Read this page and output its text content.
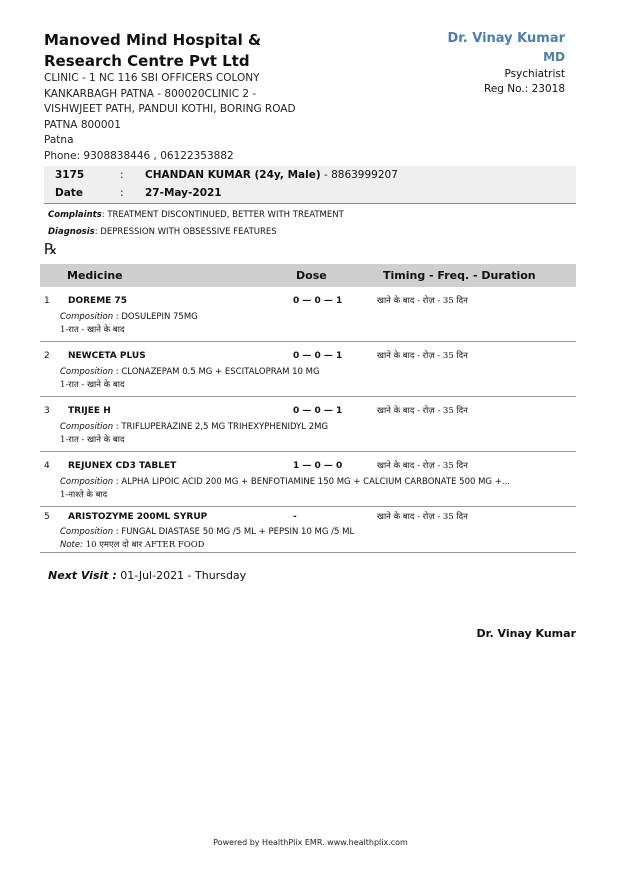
Manoved Mind Hospital & Research Centre Pvt Ltd
CLINIC - 1 NC 116 SBI OFFICERS COLONY
KANKARBAGH PATNA - 800020CLINIC 2 -
VISHWJEET PATH, PANDUI KOTHI, BORING ROAD
PATNA 800001
Patna
Phone: 9308838446 , 06122353882
Dr. Vinay Kumar
MD
Psychiatrist
Reg No.: 23018
3175	: CHANDAN KUMAR (24y, Male) - 8863999207
Date	: 27-May-2021
Complaints: TREATMENT DISCONTINUED, BETTER WITH TREATMENT
Diagnosis: DEPRESSION WITH OBSESSIVE FEATURES
℞
Medicine	Dose	Timing - Freq. - Duration
1 DOREME 75	0 — 0 — 1	खाने के बाद - रोज़ - 35 दिन
Composition : DOSULEPIN 75MG
1-रात - खाने के बाद
2 NEWCETA PLUS	0 — 0 — 1	खाने के बाद - रोज़ - 35 दिन
Composition : CLONAZEPAM 0.5 MG + ESCITALOPRAM 10 MG
1-रात - खाने के बाद
3 TRIJEE H	0 — 0 — 1	खाने के बाद - रोज़ - 35 दिन
Composition : TRIFLUPERAZINE 2,5 MG TRIHEXYPHENIDYL 2MG
1-रात - खाने के बाद
4 REJUNEX CD3 TABLET	1 — 0 — 0	खाने के बाद - रोज़ - 35 दिन
Composition : ALPHA LIPOIC ACID 200 MG + BENFOTIAMINE 150 MG + CALCIUM CARBONATE 500 MG +...
1-नाश्ते के बाद
5 ARISTOZYME 200ML SYRUP	-	खाने के बाद - रोज़ - 35 दिन
Composition : FUNGAL DIASTASE 50 MG /5 ML + PEPSIN 10 MG /5 ML
Note: 10 एमएल दो बार AFTER FOOD
Next Visit : 01-Jul-2021 - Thursday
Dr. Vinay Kumar
Powered by HealthPlix EMR. www.healthplix.com
